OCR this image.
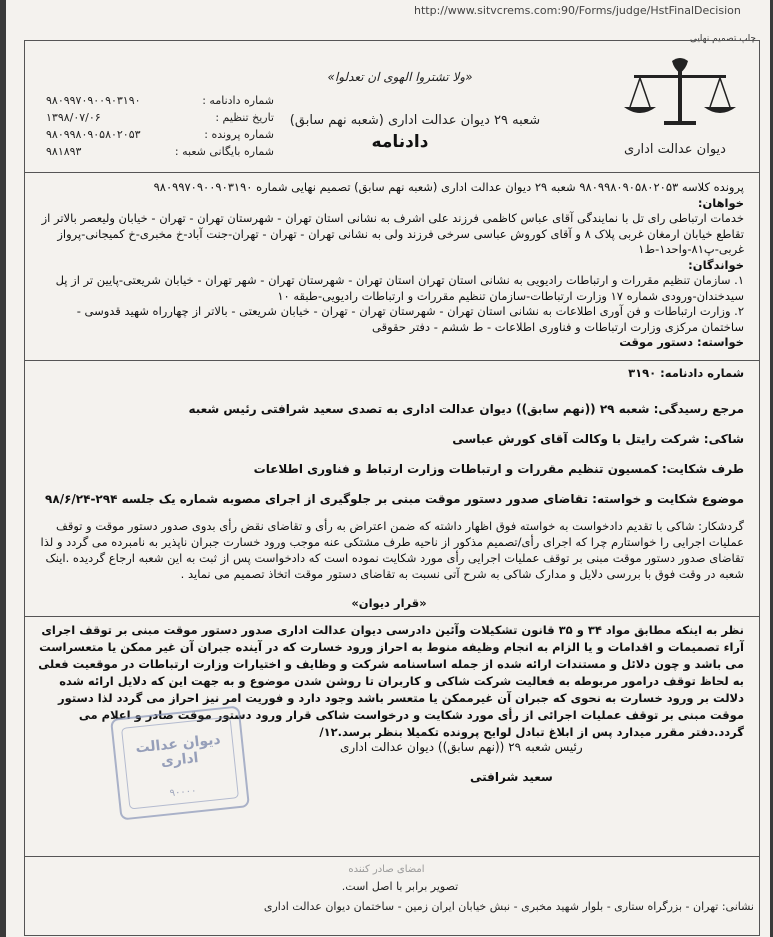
http://www.sitvcrems.com:90/Forms/judge/HstFinalDecision
چاپ تصمیم نهایی
دیوان عدالت اداری
«ولا تشتروا الهوی ان تعدلوا»
شعبه ۲۹ دیوان عدالت اداری (شعبه نهم سابق)
دادنامه
شماره دادنامه :
۹۸۰۹۹۷۰۹۰۰۹۰۳۱۹۰
تاریخ تنظیم :
۱۳۹۸/۰۷/۰۶
شماره پرونده :
۹۸۰۹۹۸۰۹۰۵۸۰۲۰۵۳
شماره بایگانی شعبه :
۹۸۱۸۹۳
پرونده کلاسه ۹۸۰۹۹۸۰۹۰۵۸۰۲۰۵۳ شعبه ۲۹ دیوان عدالت اداری (شعبه نهم سابق) تصمیم نهایی شماره ۹۸۰۹۹۷۰۹۰۰۹۰۳۱۹۰
خواهان:
خدمات ارتباطی رای تل با نمایندگی آقای عباس کاظمی فرزند علی اشرف به نشانی استان تهران - شهرستان تهران - تهران - خیابان ولیعصر بالاتر از تقاطع خیابان ارمغان غربی پلاک ۸ و آقای کوروش عباسی سرخی فرزند ولی به نشانی تهران - تهران - تهران-جنت آباد-خ مخبری-خ کمیجانی-پرواز غربی-پ۸۱-واحد۱-ط۱
خواندگان:
۱. سازمان تنظیم مقررات و ارتباطات رادیویی به نشانی استان تهران استان تهران - شهرستان تهران - شهر تهران - خیابان شریعتی-پایین تر از پل سیدخندان-ورودی شماره ۱۷ وزارت ارتباطات-سازمان تنظیم مقررات و ارتباطات رادیویی-طبقه ۱۰
۲. وزارت ارتباطات و فن آوری اطلاعات به نشانی استان تهران - شهرستان تهران - تهران - خیابان شریعتی - بالاتر از چهارراه شهید قدوسی - ساختمان مرکزی وزارت ارتباطات و فناوری اطلاعات - ط ششم - دفتر حقوقی
خواسته: دستور موقت
شماره دادنامه: ۳۱۹۰
مرجع رسیدگی: شعبه ۲۹ ((نهم سابق)) دیوان عدالت اداری به تصدی سعید شرافتی رئیس شعبه
شاکی: شرکت رایتل با وکالت آقای کورش عباسی
طرف شکایت: کمسیون تنظیم مقررات و ارتباطات وزارت ارتباط و فناوری اطلاعات
موضوع شکایت و خواسته: تقاضای صدور دستور موقت مبنی بر جلوگیری از اجرای مصوبه شماره یک جلسه ۲۹۴-۹۸/۶/۲۴
گردشکار: شاکی با تقدیم دادخواست به خواسته فوق اظهار داشته که ضمن اعتراض به رأی و تقاضای نقض رأی بدوی صدور دستور موقت و توقف عملیات اجرایی را خواستارم چرا که اجرای رأی/تصمیم مذکور از ناحیه طرف مشتکی عنه موجب ورود خسارت جبران ناپذیر به نامبرده می گردد و لذا تقاضای صدور دستور موقت مبنی بر توقف عملیات اجرایی رأی مورد شکایت نموده است که دادخواست پس از ثبت به این شعبه ارجاع گردیده .اینک شعبه در وقت فوق با بررسی دلایل و مدارک شاکی به شرح آتی نسبت به تقاضای دستور موقت اتخاذ تصمیم می نماید .
«قرار دیوان»
نظر به اینکه مطابق مواد ۳۴ و ۳۵ قانون تشکیلات وآئین دادرسی دیوان عدالت اداری صدور دستور موقت مبنی بر توقف اجرای آراء تصمیمات و اقدامات و یا الزام به انجام وظیفه منوط به احراز ورود خسارت که در آینده جبران آن غیر ممکن یا متعسراست می باشد و چون دلائل و مستندات ارائه شده از جمله اساسنامه شرکت و وظایف و اختیارات وزارت ارتباطات در موقعیت فعلی به لحاظ توقف درامور مربوطه به فعالیت شرکت شاکی و کاربران تا روشن شدن موضوع و به جهت این که دلایل ارائه شده دلالت بر ورود خسارت به نحوی که جبران آن غیرممکن یا متعسر باشد وجود دارد و فوریت امر نیز احراز می گردد لذا دستور موقت مبنی بر توقف عملیات اجرائی از رأی مورد شکایت و درخواست شاکی قرار ورود دستور موقت صادر و اعلام می گردد.دفتر مقرر میدارد پس از ابلاغ تبادل لوایح پرونده تکمیلا بنظر برسد.۱۲/
رئیس شعبه ۲۹ ((نهم سابق)) دیوان عدالت اداری
سعید شرافتی
دیوان عدالت اداری
۹۰۰۰۰
امضای صادر کننده
تصویر برابر با اصل است.
نشانی: تهران - بزرگراه ستاری - بلوار شهید مخبری - نبش خیابان ایران زمین - ساختمان دیوان عدالت اداری
